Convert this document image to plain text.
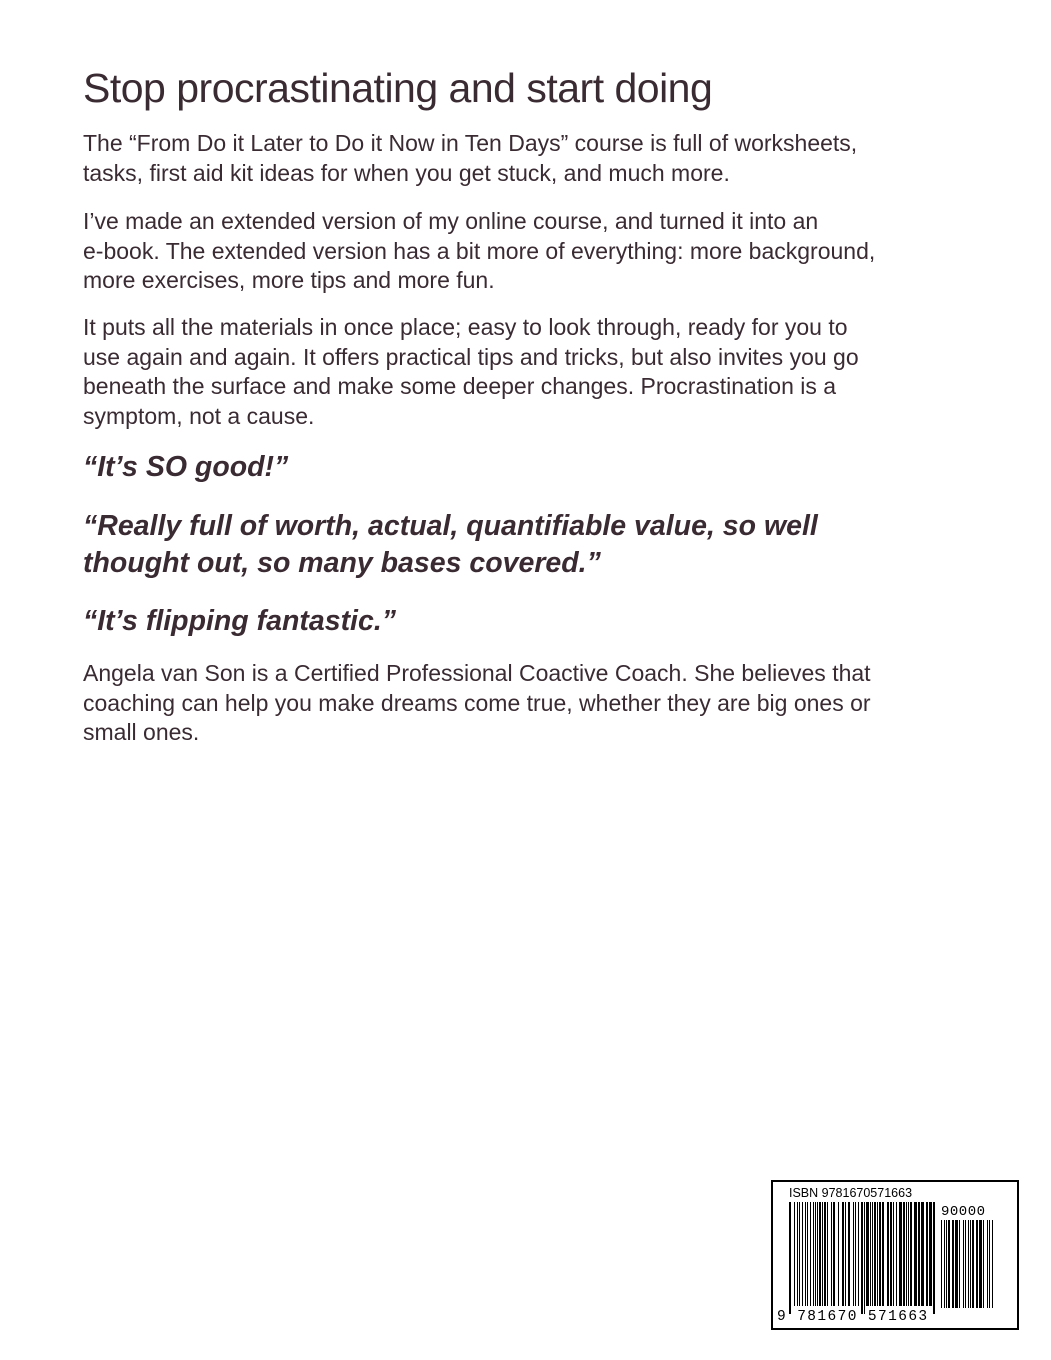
Stop procrastinating and start doing

The “From Do it Later to Do it Now in Ten Days” course is full of worksheets,
tasks, first aid kit ideas for when you get stuck, and much more.

I’ve made an extended version of my online course, and turned it into an
e-book. The extended version has a bit more of everything: more background,
more exercises, more tips and more fun.

It puts all the materials in once place; easy to look through, ready for you to
use again and again. It offers practical tips and tricks, but also invites you go
beneath the surface and make some deeper changes. Procrastination is a
symptom, not a cause.

“It’s SO good!”

“Really full of worth, actual, quantifiable value, so well
thought out, so many bases covered.”

“It’s flipping fantastic.”

Angela van Son is a Certified Professional Coactive Coach. She believes that
coaching can help you make dreams come true, whether they are big ones or
small ones.

ISBN 9781670571663
90000
9 781670 571663
